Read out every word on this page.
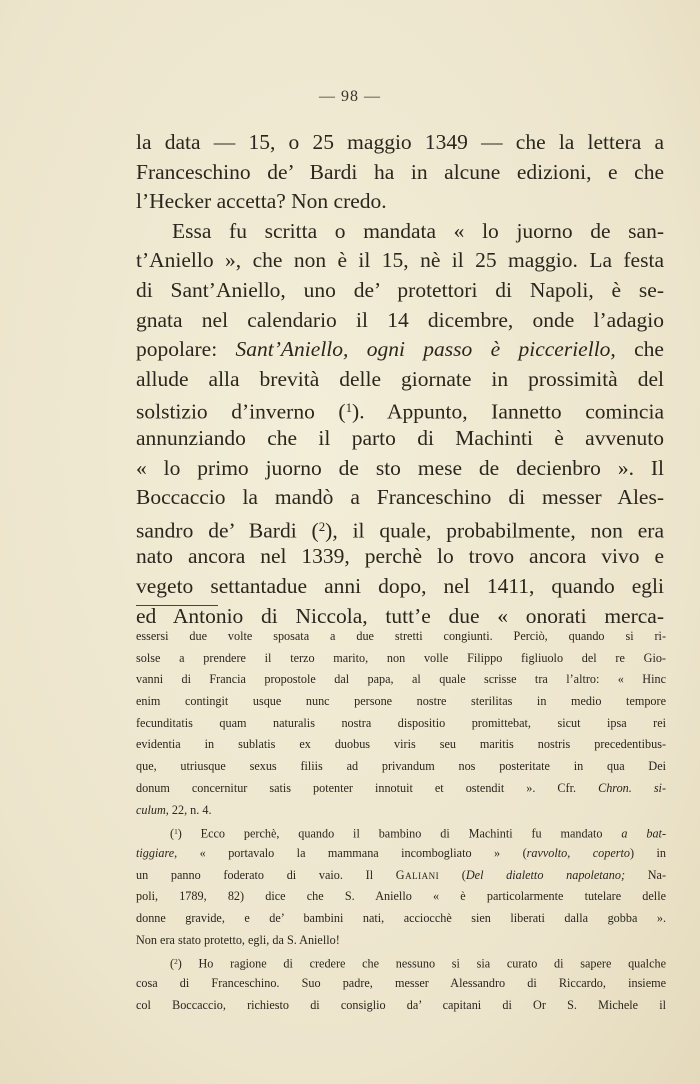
— 98 —
la data — 15, o 25 maggio 1349 — che la lettera a
Franceschino de’ Bardi ha in alcune edizioni, e che
l’Hecker accetta? Non credo.
Essa fu scritta o mandata « lo juorno de san-
t’Aniello », che non è il 15, nè il 25 maggio. La festa
di Sant’Aniello, uno de’ protettori di Napoli, è se-
gnata nel calendario il 14 dicembre, onde l’adagio
popolare: Sant’Aniello, ogni passo è picceriello, che
allude alla brevità delle giornate in prossimità del
solstizio d’inverno ($^1$). Appunto, Iannetto comincia
annunziando che il parto di Machinti è avvenuto
« lo primo juorno de sto mese de decienbro ». Il
Boccaccio la mandò a Franceschino di messer Ales-
sandro de’ Bardi ($^2$), il quale, probabilmente, non era
nato ancora nel 1339, perchè lo trovo ancora vivo e
vegeto settantadue anni dopo, nel 1411, quando egli
ed Antonio di Niccola, tutt’e due « onorati merca-
essersi due volte sposata a due stretti congiunti. Perciò, quando si ri-
solse a prendere il terzo marito, non volle Filippo figliuolo del re Gio-
vanni di Francia propostole dal papa, al quale scrisse tra l’altro: « Hinc
enim contingit usque nunc persone nostre sterilitas in medio tempore
fecunditatis quam naturalis nostra dispositio promittebat, sicut ipsa rei
evidentia in sublatis ex duobus viris seu maritis nostris precedentibus-
que, utriusque sexus filiis ad privandum nos posteritate in qua Dei
donum concernitur satis potenter innotuit et ostendit ». Cfr. Chron. si-
culum, 22, n. 4.
($^1$) Ecco perchè, quando il bambino di Machinti fu mandato a bat-
tiggiare, « portavalo la mammana incombogliato » (ravvolto, coperto) in
un panno foderato di vaio. Il Galiani (Del dialetto napoletano; Na-
poli, 1789, 82) dice che S. Aniello « è particolarmente tutelare delle
donne gravide, e de’ bambini nati, acciocchè sien liberati dalla gobba ».
Non era stato protetto, egli, da S. Aniello!
($^2$) Ho ragione di credere che nessuno si sia curato di sapere qualche
cosa di Franceschino. Suo padre, messer Alessandro di Riccardo, insieme
col Boccaccio, richiesto di consiglio da’ capitani di Or S. Michele il
